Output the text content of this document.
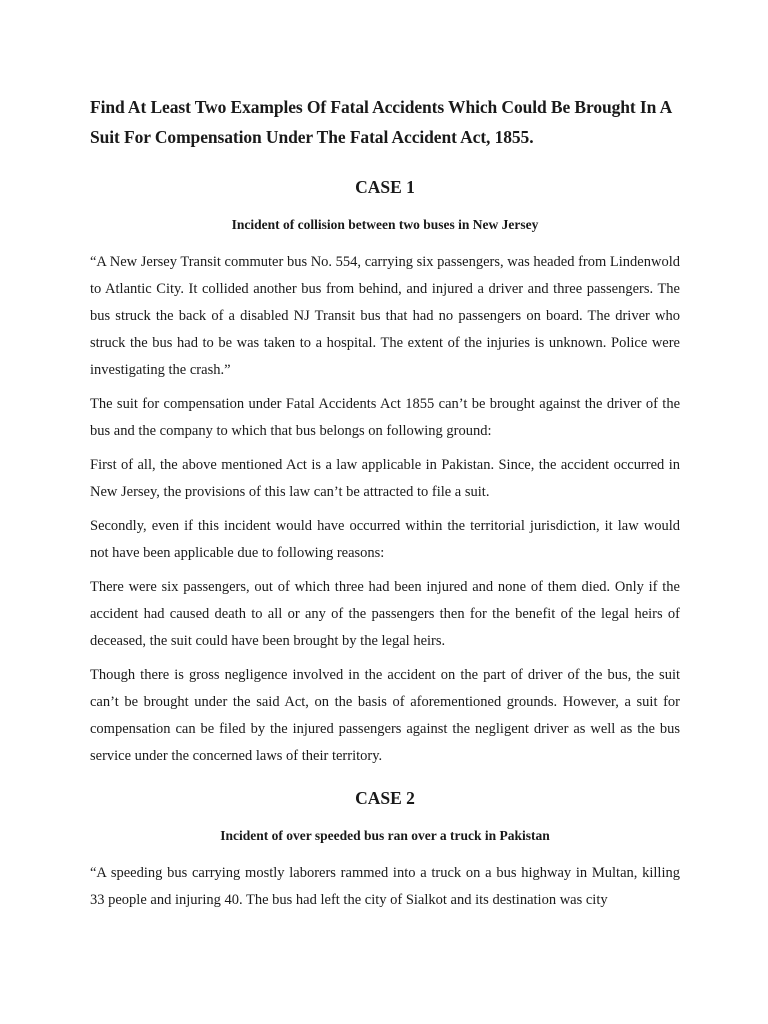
Find At Least Two Examples Of Fatal Accidents Which Could Be Brought In A Suit For Compensation Under The Fatal Accident Act, 1855.
CASE 1
Incident of collision between two buses in New Jersey

“A New Jersey Transit commuter bus No. 554, carrying six passengers, was headed from Lindenwold to Atlantic City. It collided another bus from behind, and injured a driver and three passengers. The bus struck the back of a disabled NJ Transit bus that had no passengers on board. The driver who struck the bus had to be was taken to a hospital. The extent of the injuries is unknown. Police were investigating the crash.”

The suit for compensation under Fatal Accidents Act 1855 can’t be brought against the driver of the bus and the company to which that bus belongs on following ground:

First of all, the above mentioned Act is a law applicable in Pakistan. Since, the accident occurred in New Jersey, the provisions of this law can’t be attracted to file a suit.

Secondly, even if this incident would have occurred within the territorial jurisdiction, it law would not have been applicable due to following reasons:

There were six passengers, out of which three had been injured and none of them died. Only if the accident had caused death to all or any of the passengers then for the benefit of the legal heirs of deceased, the suit could have been brought by the legal heirs.

Though there is gross negligence involved in the accident on the part of driver of the bus, the suit can’t be brought under the said Act, on the basis of aforementioned grounds. However, a suit for compensation can be filed by the injured passengers against the negligent driver as well as the bus service under the concerned laws of their territory.

CASE 2
Incident of over speeded bus ran over a truck in Pakistan

“A speeding bus carrying mostly laborers rammed into a truck on a bus highway in Multan, killing 33 people and injuring 40. The bus had left the city of Sialkot and its destination was city
